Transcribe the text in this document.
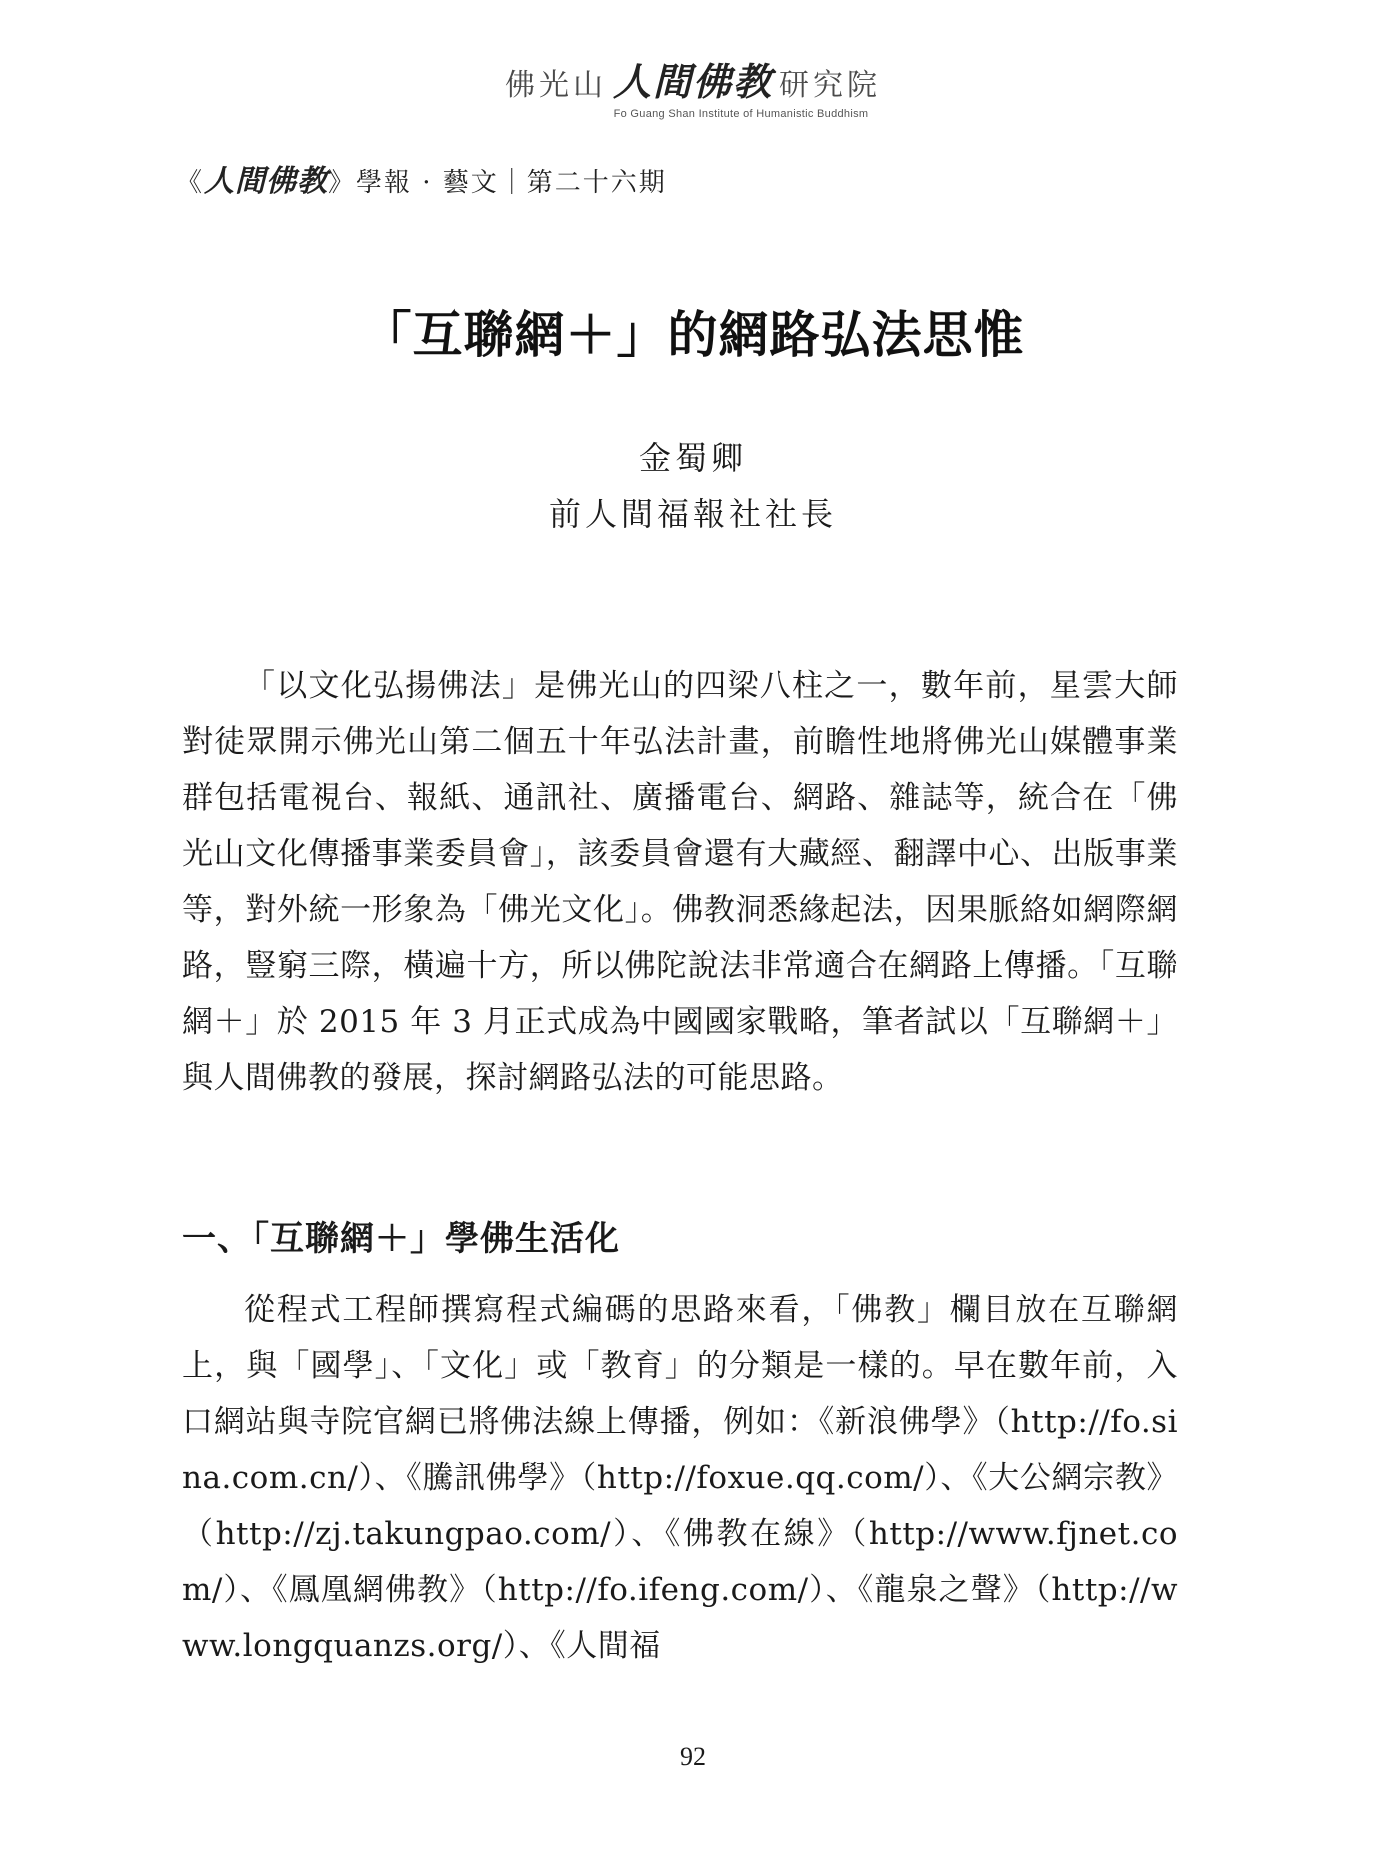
佛光山 人間佛教 研究院
Fo Guang Shan Institute of Humanistic Buddhism
《人間佛教》學報 · 藝文｜第二十六期
「互聯網＋」的網路弘法思惟
金蜀卿
前人間福報社社長

「以文化弘揚佛法」是佛光山的四梁八柱之一，數年前，星雲大師對徒眾開示佛光山第二個五十年弘法計畫，前瞻性地將佛光山媒體事業群包括電視台、報紙、通訊社、廣播電台、網路、雜誌等，統合在「佛光山文化傳播事業委員會」，該委員會還有大藏經、翻譯中心、出版事業等，對外統一形象為「佛光文化」。佛教洞悉緣起法，因果脈絡如網際網路，豎窮三際，橫遍十方，所以佛陀說法非常適合在網路上傳播。「互聯網＋」於 2015 年 3 月正式成為中國國家戰略，筆者試以「互聯網＋」與人間佛教的發展，探討網路弘法的可能思路。

一、「互聯網＋」學佛生活化

從程式工程師撰寫程式編碼的思路來看，「佛教」欄目放在互聯網上，與「國學」、「文化」或「教育」的分類是一樣的。早在數年前，入口網站與寺院官網已將佛法線上傳播，例如：《新浪佛學》（http://fo.sina.com.cn/）、《騰訊佛學》（http://foxue.qq.com/）、《大公網宗教》（http://zj.takungpao.com/）、《佛教在線》（http://www.fjnet.com/）、《鳳凰網佛教》（http://fo.ifeng.com/）、《龍泉之聲》（http://www.longquanzs.org/）、《人間福

92
